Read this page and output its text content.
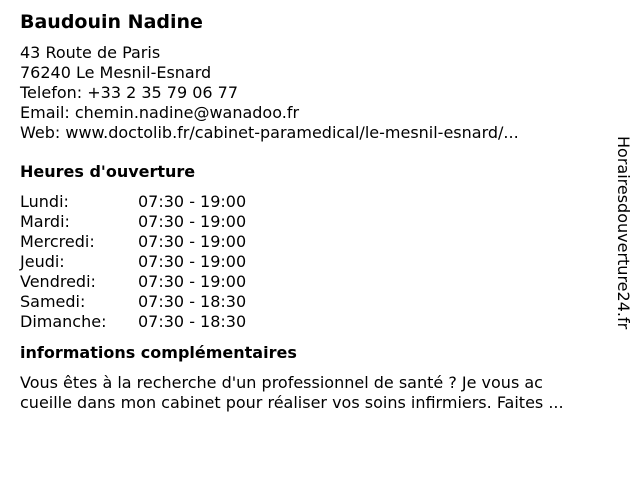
Baudouin Nadine
43 Route de Paris
76240 Le Mesnil-Esnard
Telefon: +33 2 35 79 06 77
Email: chemin.nadine@wanadoo.fr
Web: www.doctolib.fr/cabinet-paramedical/le-mesnil-esnard/...
Heures d'ouverture
Lundi:	07:30 - 19:00
Mardi:	07:30 - 19:00
Mercredi:	07:30 - 19:00
Jeudi:	07:30 - 19:00
Vendredi:	07:30 - 19:00
Samedi:	07:30 - 18:30
Dimanche:	07:30 - 18:30
informations complémentaires
Vous êtes à la recherche d'un professionnel de santé ? Je vous ac
cueille dans mon cabinet pour réaliser vos soins infirmiers. Faites ...
Horairesdouverture24.fr
